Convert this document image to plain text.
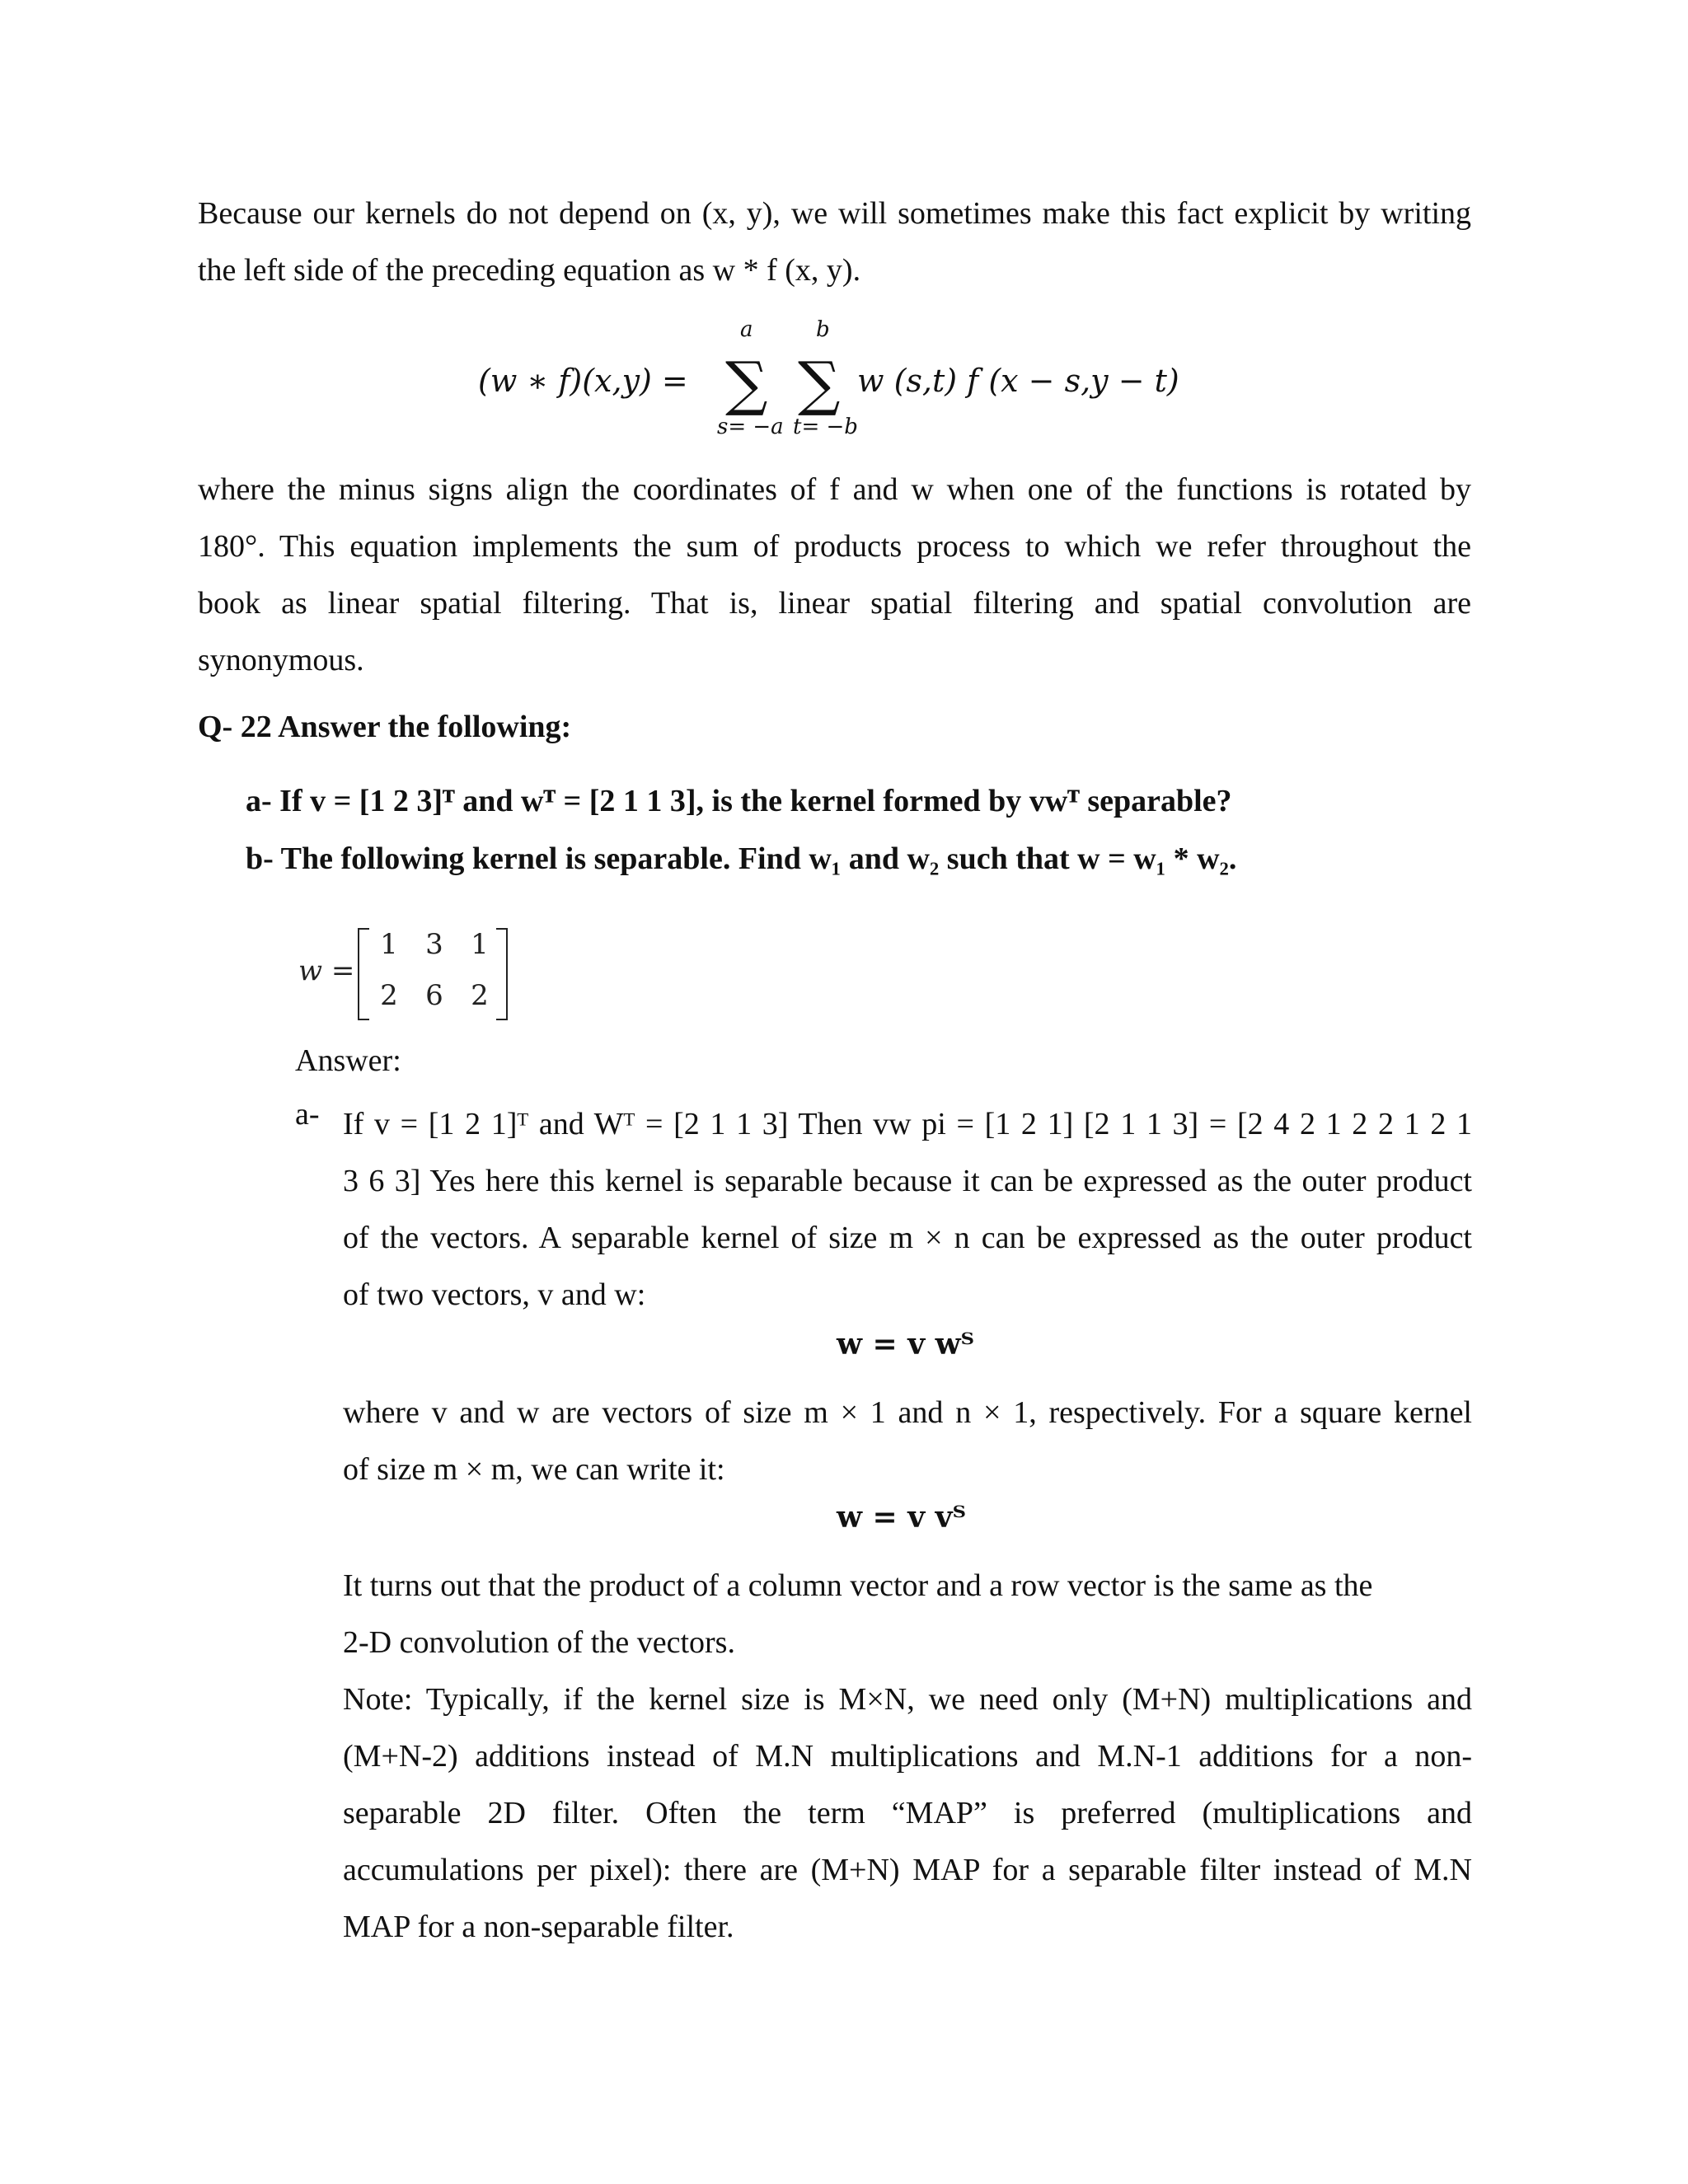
Because our kernels do not depend on (x, y), we will sometimes make this fact explicit by writing
the left side of the preceding equation as w * f (x, y).
(w ∗ f)(x,y) =
a	b
∑ ∑
s= −a t= −b
w (s,t) f (x − s,y − t)
where the minus signs align the coordinates of f and w when one of the functions is rotated by
180°. This equation implements the sum of products process to which we refer throughout the
book as linear spatial filtering. That is, linear spatial filtering and spatial convolution are
synonymous.
Q- 22 Answer the following:
a- If v = [1 2 3]ᵀ and wᵀ = [2 1 1 3], is the kernel formed by vwᵀ separable?
b- The following kernel is separable. Find w₁ and w₂ such that w = w₁ * w₂.
w =
1 3 1
2 6 2
Answer:
a- If v = [1 2 1]ᵀ and Wᵀ = [2 1 1 3] Then vw pi = [1 2 1] [2 1 1 3] = [2 4 2 1 2 2 1 2 1
3 6 3] Yes here this kernel is separable because it can be expressed as the outer product
of the vectors. A separable kernel of size m × n can be expressed as the outer product
of two vectors, v and w:
w = v wᵀ
where v and w are vectors of size m × 1 and n × 1, respectively. For a square kernel
of size m × m, we can write it:
w = v vᵀ
It turns out that the product of a column vector and a row vector is the same as the
2-D convolution of the vectors.
Note: Typically, if the kernel size is M×N, we need only (M+N) multiplications and
(M+N-2) additions instead of M.N multiplications and M.N-1 additions for a non-
separable 2D filter. Often the term “MAP” is preferred (multiplications and
accumulations per pixel): there are (M+N) MAP for a separable filter instead of M.N
MAP for a non-separable filter.
